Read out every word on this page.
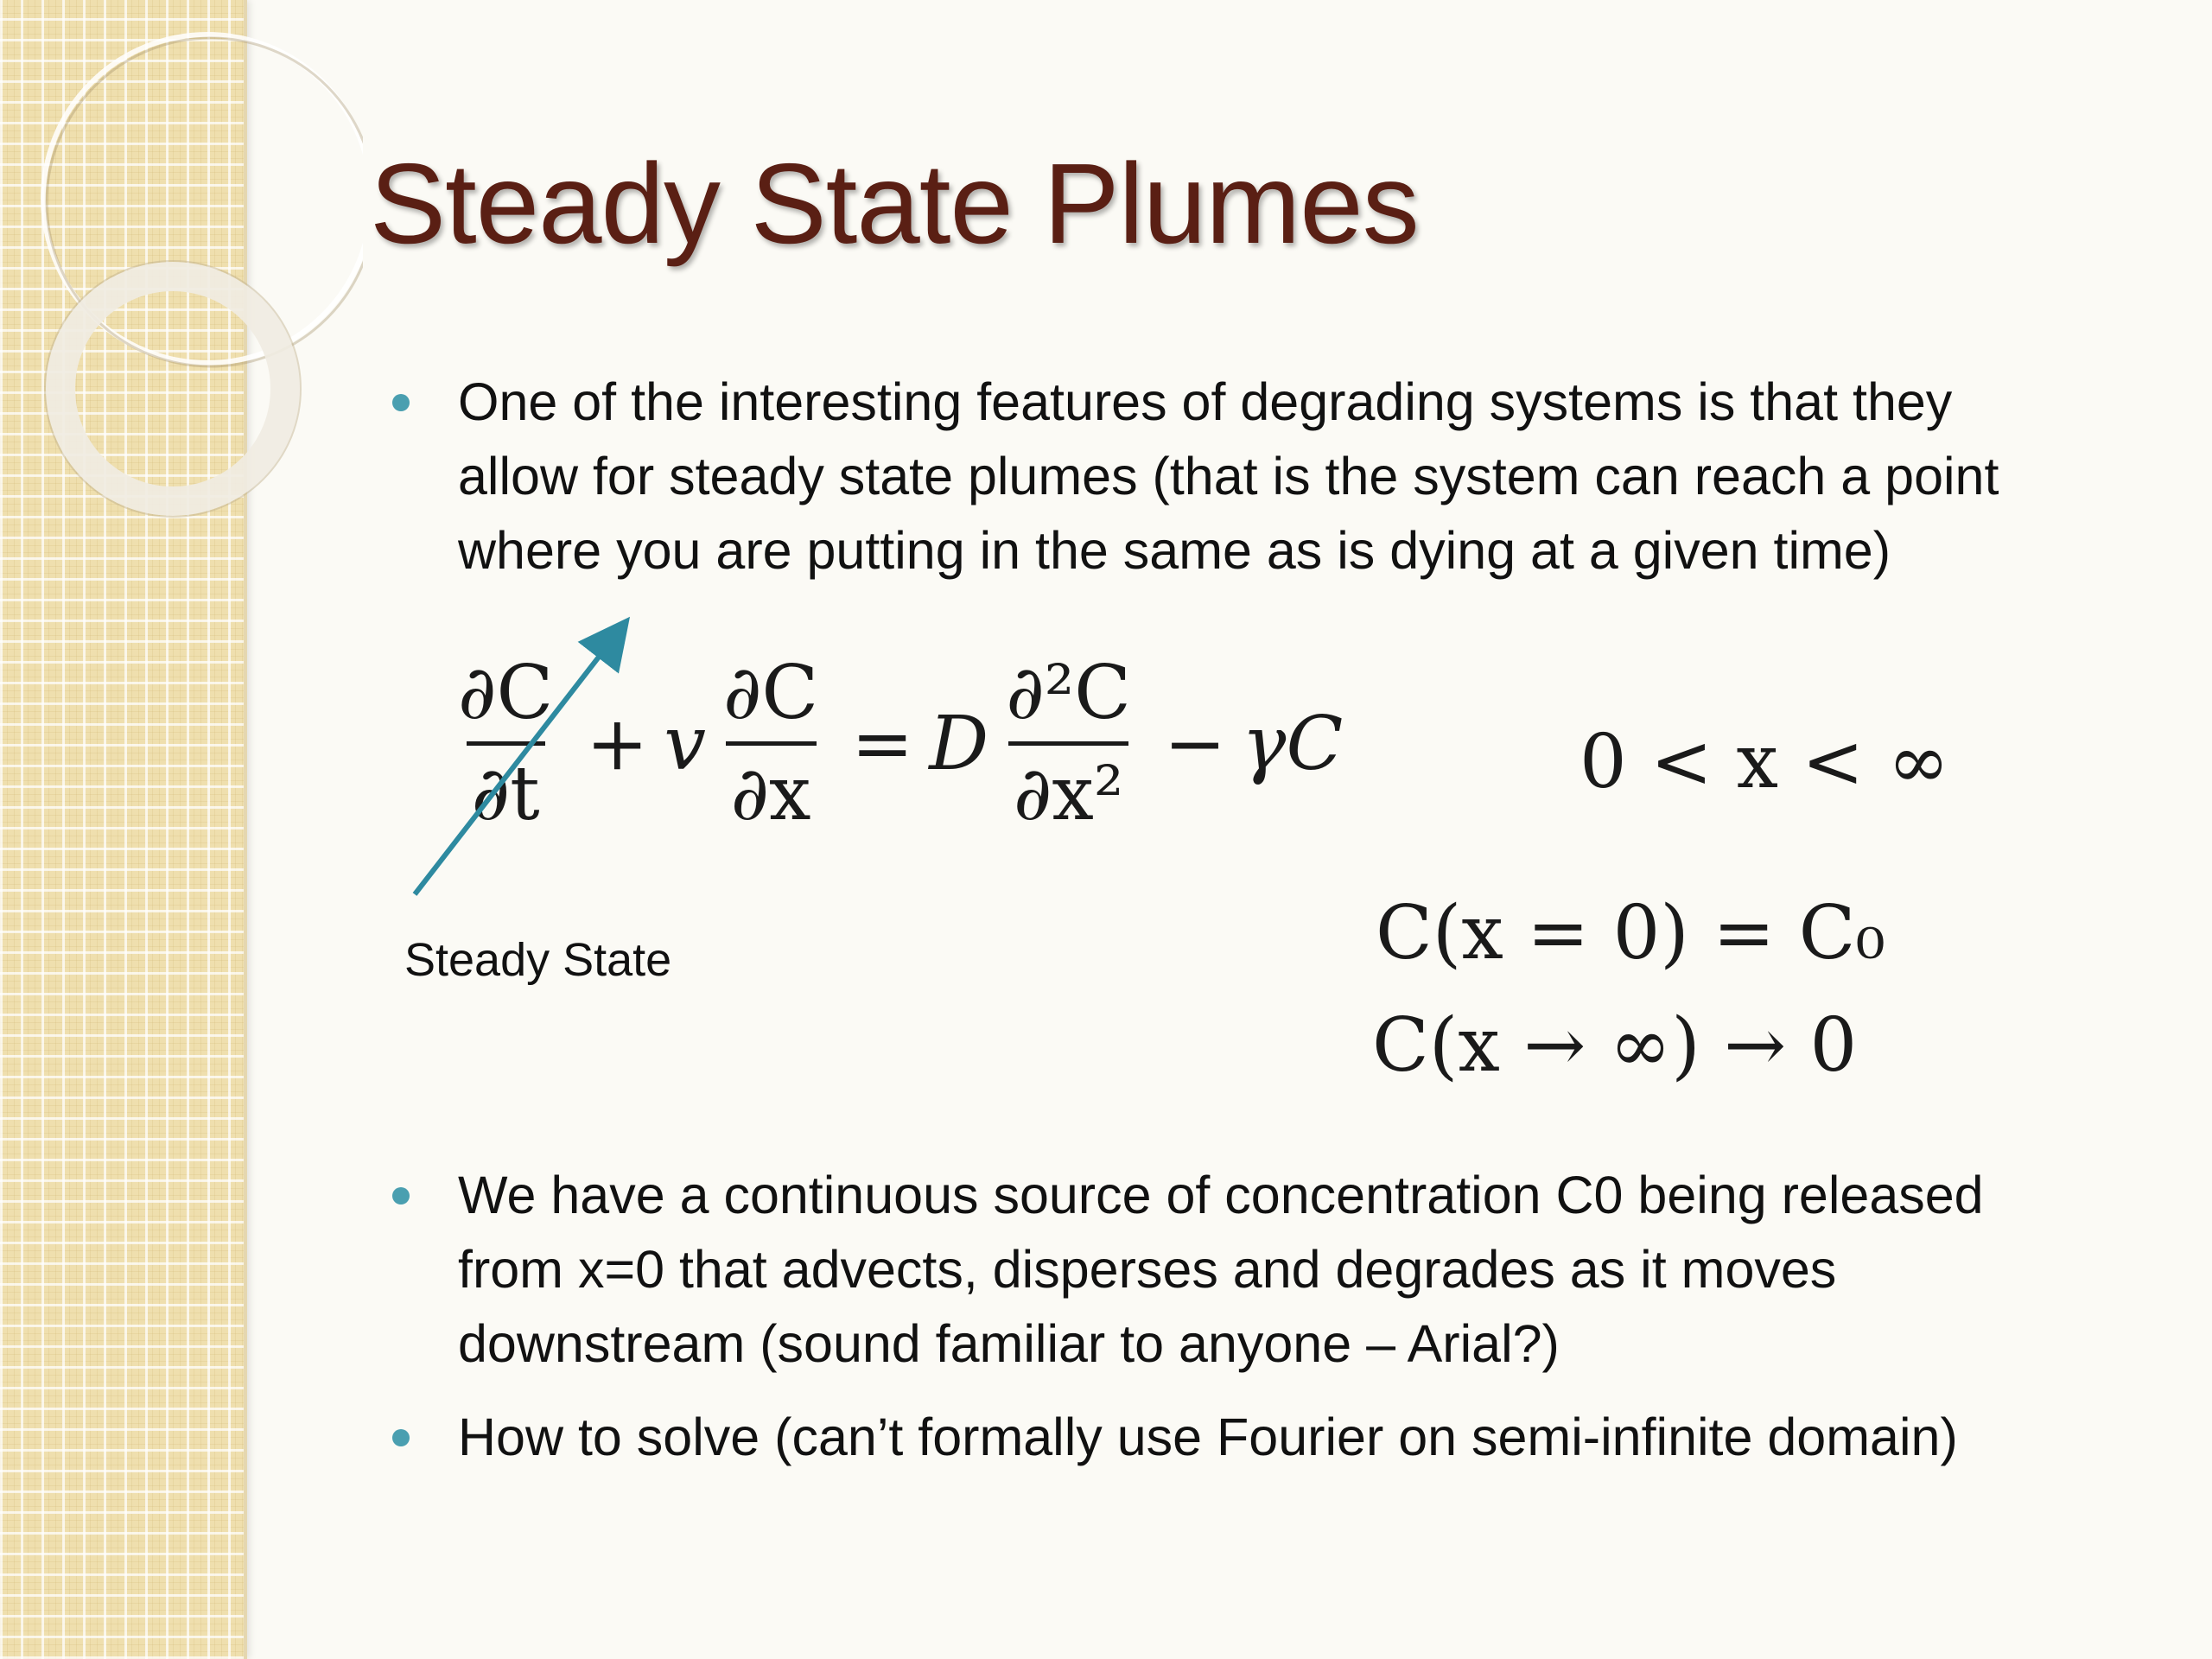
Steady State Plumes
One of the interesting features of degrading systems is that they
allow for steady state plumes (that is the system can reach a point
where you are putting in the same as is dying at a given time)
$\frac{\partial C}{\partial t} + v \frac{\partial C}{\partial x} = D \frac{\text{∂²C}}{\text{∂x²}} - \gamma C$	0 < x < ∞
C(x = 0) = C₀
C(x → ∞) → 0
Steady State
We have a continuous source of concentration C0 being released
from x=0 that advects, disperses and degrades as it moves
downstream (sound familiar to anyone – Arial?)
How to solve (can’t formally use Fourier on semi-infinite domain)
